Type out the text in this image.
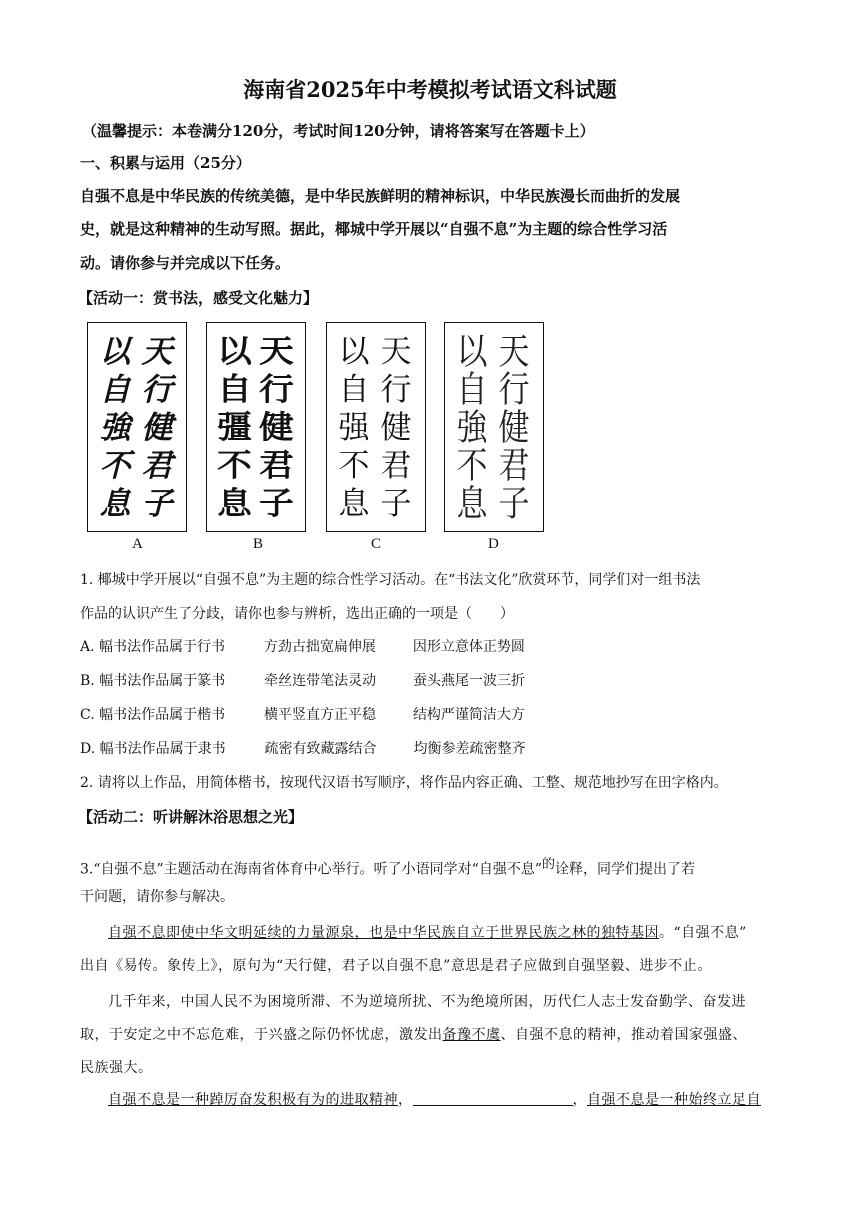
海南省2025年中考模拟考试语文科试题
（温馨提示：本卷满分120分，考试时间120分钟，请将答案写在答题卡上）
一、积累与运用（25分）
自强不息是中华民族的传统美德，是中华民族鲜明的精神标识，中华民族漫长而曲折的发展
史，就是这种精神的生动写照。据此，椰城中学开展以“自强不息”为主题的综合性学习活
动。请你参与并完成以下任务。
【活动一：赏书法，感受文化魅力】
天
行
健
君
子
以
自
強
不
息
A
天
行
健
君
子
以
自
彊
不
息
B
天
行
健
君
子
以
自
强
不
息
C
天
行
健
君
子
以
自
強
不
息
D
1. 椰城中学开展以“自强不息”为主题的综合性学习活动。在“书法文化”欣赏环节，同学们对一组书法
作品的认识产生了分歧，请你也参与辨析，选出正确的一项是（　　）
A. 幅书法作品属于行书	方劲古拙宽扁伸展	因形立意体正势圆
B. 幅书法作品属于篆书	牵丝连带笔法灵动	蚕头燕尾一波三折
C. 幅书法作品属于楷书	横平竖直方正平稳	结构严谨简洁大方
D. 幅书法作品属于隶书	疏密有致藏露结合	均衡参差疏密整齐
2. 请将以上作品，用简体楷书，按现代汉语书写顺序，将作品内容正确、工整、规范地抄写在田字格内。
【活动二：听讲解沐浴思想之光】
3.“自强不息”主题活动在海南省体育中心举行。听了小语同学对“自强不息”$^的$诠释，同学们提出了若
干问题，请你参与解决。
自强不息即使中华文明延续的力量源泉，也是中华民族自立于世界民族之林的独特基因。“自强不息”
出自《易传。象传上》，原句为“天行健，君子以自强不息”意思是君子应做到自强坚毅、进步不止。
几千年来，中国人民不为困境所滞、不为逆境所扰、不为绝境所困，历代仁人志士发奋勤学、奋发进
取，于安定之中不忘危难，于兴盛之际仍怀忧虑，激发出备豫不虞、自强不息的精神，推动着国家强盛、
民族强大。
自强不息是一种踔厉奋发积极有为的进取精神，	，自强不息是一种始终立足自
